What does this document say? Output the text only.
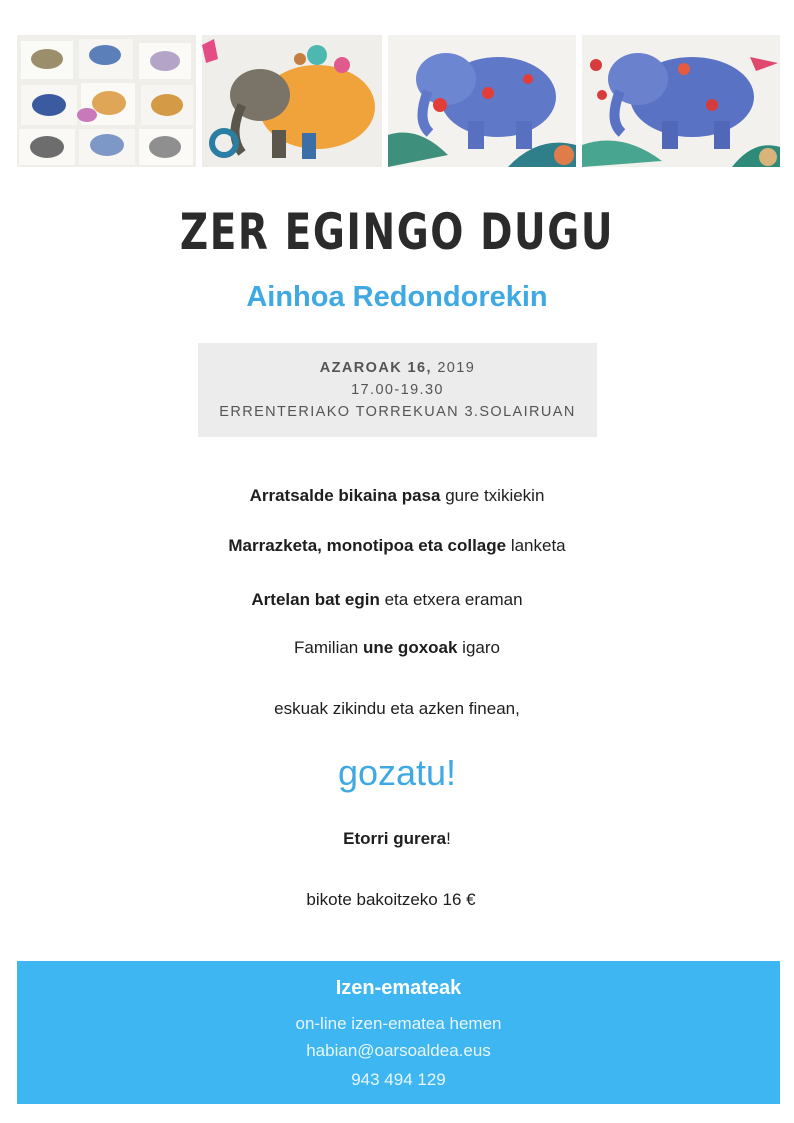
ZER EGINGO DUGU
Ainhoa Redondorekin
AZAROAK 16, 2019
17.00-19.30
ERRENTERIAKO TORREKUAN 3.SOLAIRUAN
Arratsalde bikaina pasa gure txikiekin
Marrazketa, monotipoa eta collage lanketa
Artelan bat egin eta etxera eraman
Familian une goxoak igaro
eskuak zikindu eta azken finean,
gozatu!
Etorri gurera!
bikote bakoitzeko 16 €
Izen-emateak
on-line izen-ematea hemen
habian@oarsoaldea.eus
943 494 129
